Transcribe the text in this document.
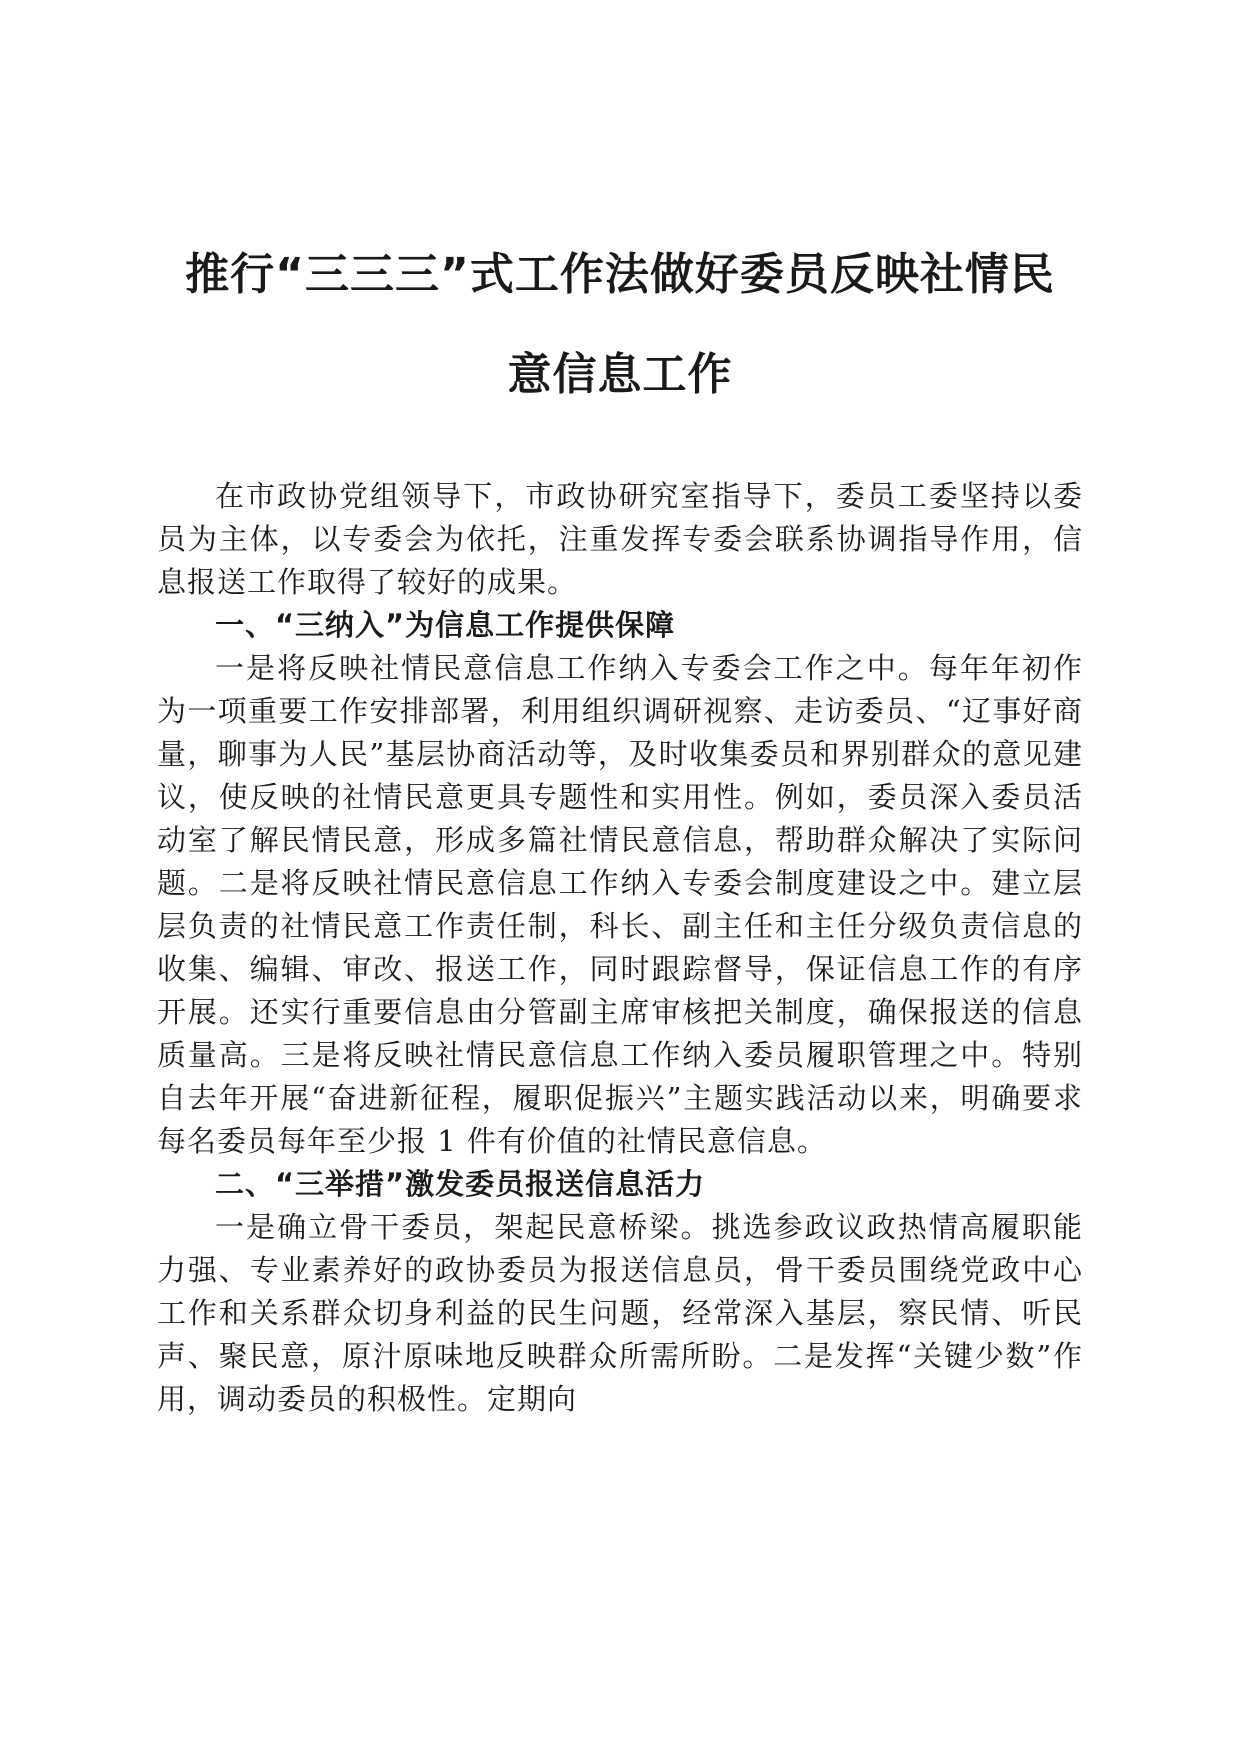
推行“三三三”式工作法做好委员反映社情民
意信息工作

在市政协党组领导下，市政协研究室指导下，委员工委坚持以委员为主体，以专委会为依托，注重发挥专委会联系协调指导作用，信息报送工作取得了较好的成果。

一、“三纳入”为信息工作提供保障

一是将反映社情民意信息工作纳入专委会工作之中。每年年初作为一项重要工作安排部署，利用组织调研视察、走访委员、“辽事好商量，聊事为人民”基层协商活动等，及时收集委员和界别群众的意见建议，使反映的社情民意更具专题性和实用性。例如，委员深入委员活动室了解民情民意，形成多篇社情民意信息，帮助群众解决了实际问题。二是将反映社情民意信息工作纳入专委会制度建设之中。建立层层负责的社情民意工作责任制，科长、副主任和主任分级负责信息的收集、编辑、审改、报送工作，同时跟踪督导，保证信息工作的有序开展。还实行重要信息由分管副主席审核把关制度，确保报送的信息质量高。三是将反映社情民意信息工作纳入委员履职管理之中。特别自去年开展“奋进新征程，履职促振兴”主题实践活动以来，明确要求每名委员每年至少报 1 件有价值的社情民意信息。

二、“三举措”激发委员报送信息活力

一是确立骨干委员，架起民意桥梁。挑选参政议政热情高履职能力强、专业素养好的政协委员为报送信息员，骨干委员围绕党政中心工作和关系群众切身利益的民生问题，经常深入基层，察民情、听民声、聚民意，原汁原味地反映群众所需所盼。二是发挥“关键少数”作用，调动委员的积极性。定期向
